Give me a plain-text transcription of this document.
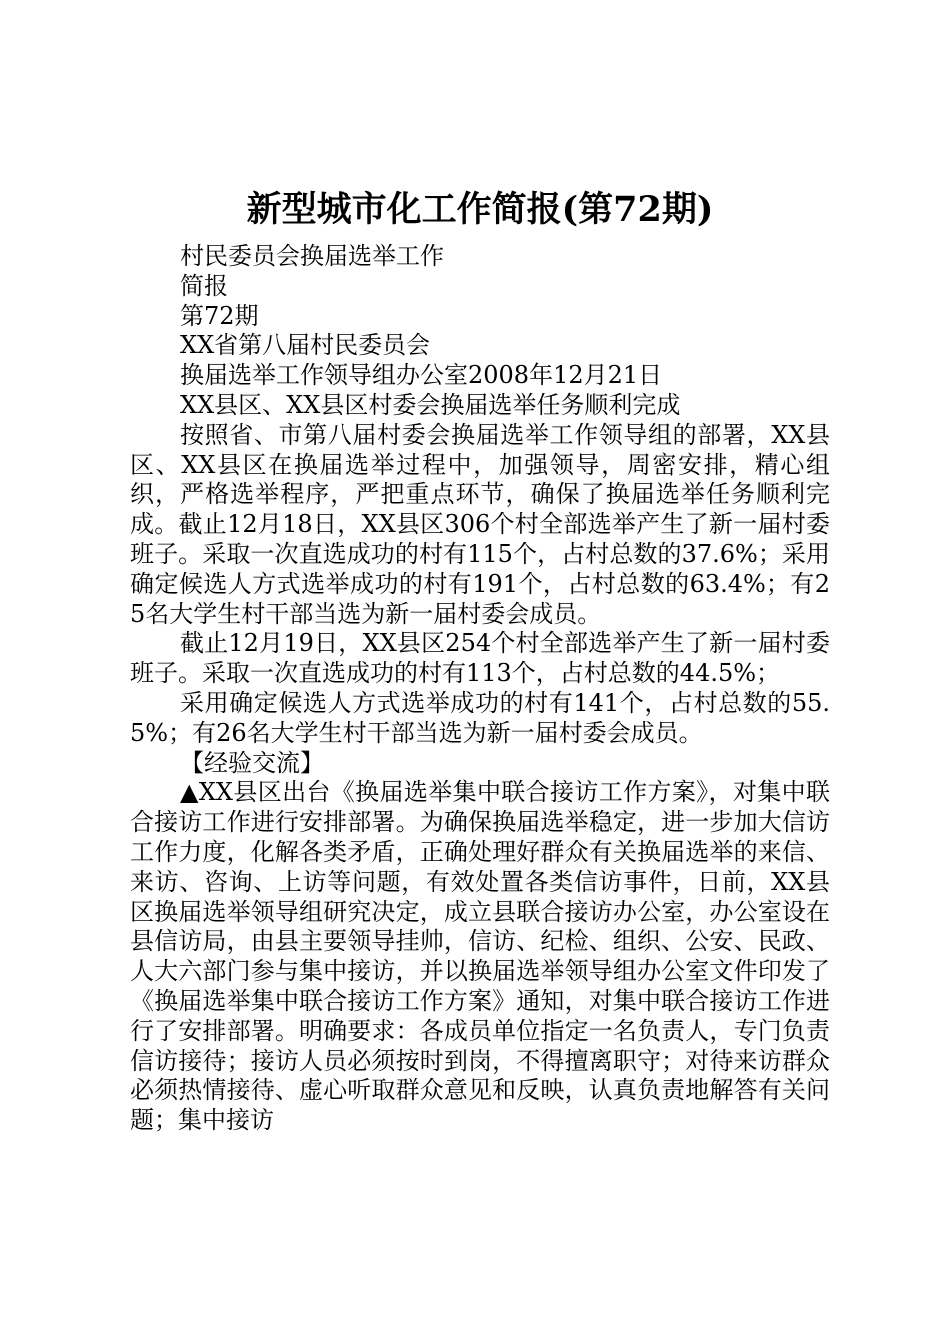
新型城市化工作简报(第72期)
村民委员会换届选举工作
简报
第72期
XX省第八届村民委员会
换届选举工作领导组办公室2008年12月21日
XX县区、XX县区村委会换届选举任务顺利完成

按照省、市第八届村委会换届选举工作领导组的部署，XX县区、XX县区在换届选举过程中，加强领导，周密安排，精心组织，严格选举程序，严把重点环节，确保了换届选举任务顺利完成。截止12月18日，XX县区306个村全部选举产生了新一届村委班子。采取一次直选成功的村有115个，占村总数的37.6%；采用确定候选人方式选举成功的村有191个，占村总数的63.4%；有25名大学生村干部当选为新一届村委会成员。

截止12月19日，XX县区254个村全部选举产生了新一届村委班子。采取一次直选成功的村有113个，占村总数的44.5%；

采用确定候选人方式选举成功的村有141个，占村总数的55.5%；有26名大学生村干部当选为新一届村委会成员。

【经验交流】

▲XX县区出台《换届选举集中联合接访工作方案》，对集中联合接访工作进行安排部署。为确保换届选举稳定，进一步加大信访工作力度，化解各类矛盾，正确处理好群众有关换届选举的来信、来访、咨询、上访等问题，有效处置各类信访事件，日前，XX县区换届选举领导组研究决定，成立县联合接访办公室，办公室设在县信访局，由县主要领导挂帅，信访、纪检、组织、公安、民政、人大六部门参与集中接访，并以换届选举领导组办公室文件印发了《换届选举集中联合接访工作方案》通知，对集中联合接访工作进行了安排部署。明确要求：各成员单位指定一名负责人，专门负责信访接待；接访人员必须按时到岗，不得擅离职守；对待来访群众必须热情接待、虚心听取群众意见和反映，认真负责地解答有关问题；集中接访
